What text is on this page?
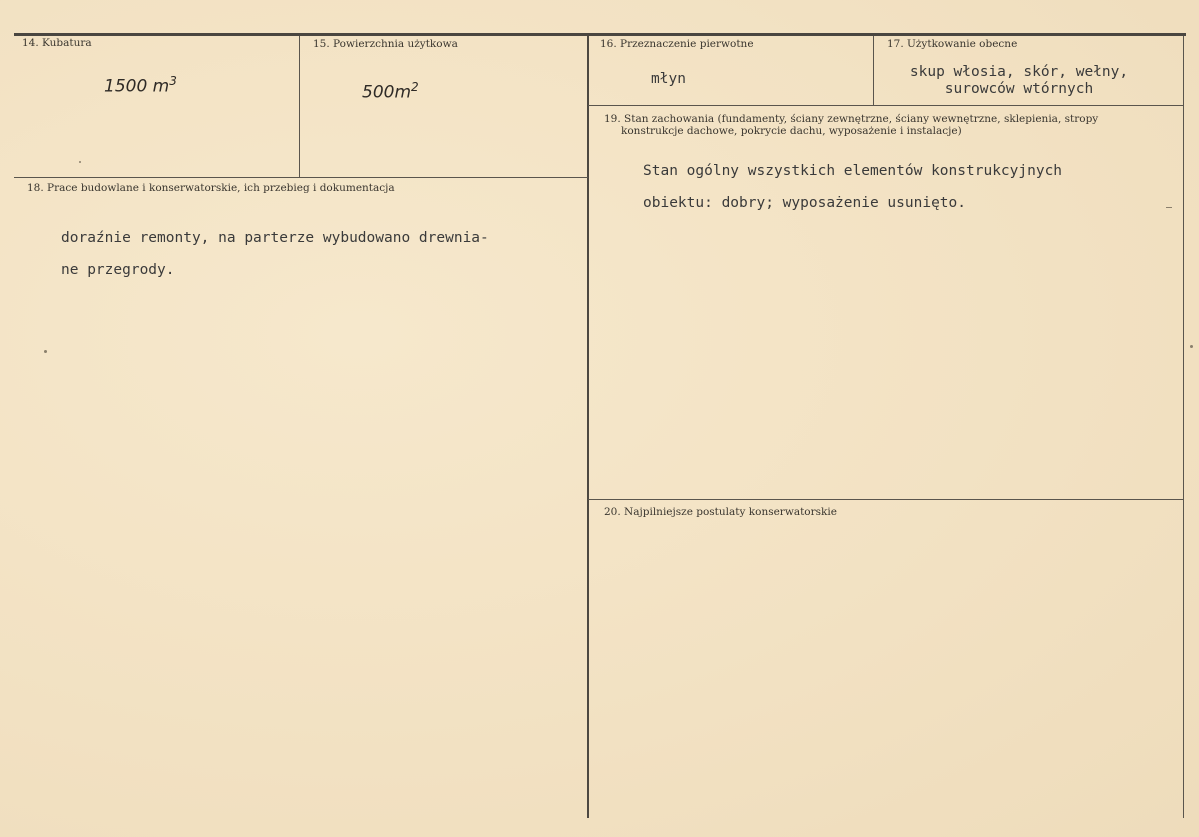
14. Kubatura
1500 $m^3$
15. Powierzchnia użytkowa
$500m^2$
16. Przeznaczenie pierwotne
młyn
17. Użytkowanie obecne
skup włosia, skór, wełny,
surowców wtórnych
18. Prace budowlane i konserwatorskie, ich przebieg i dokumentacja
doraźnie remonty, na parterze wybudowano drewnia-
ne przegrody.
19. Stan zachowania (fundamenty, ściany zewnętrzne, ściany wewnętrzne, sklepienia, stropy
konstrukcje dachowe, pokrycie dachu, wyposażenie i instalacje)
Stan ogólny wszystkich elementów konstrukcyjnych
obiektu: dobry; wyposażenie usunięto.
20. Najpilniejsze postulaty konserwatorskie
